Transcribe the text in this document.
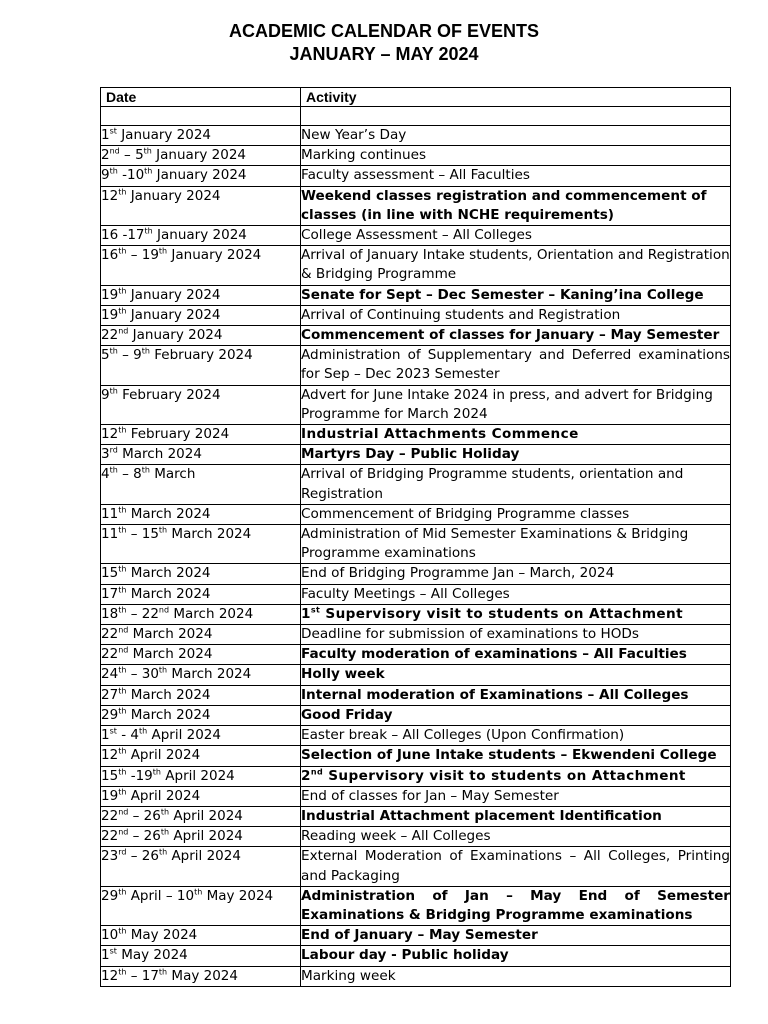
ACADEMIC CALENDAR OF EVENTS
JANUARY – MAY 2024
Date	Activity

1st January 2024	New Year’s Day
2nd – 5th January 2024	Marking continues
9th -10th January 2024	Faculty assessment – All Faculties
12th January 2024	Weekend classes registration and commencement of classes (in line with NCHE requirements)
16 -17th January 2024	College Assessment – All Colleges
16th – 19th January 2024	Arrival of January Intake students, Orientation and Registration & Bridging Programme
19th January 2024	Senate for Sept – Dec Semester – Kaning’ina College
19th January 2024	Arrival of Continuing students and Registration
22nd January 2024	Commencement of classes for January – May Semester
5th – 9th February 2024	Administration of Supplementary and Deferred examinations for Sep – Dec 2023 Semester
9th February 2024	Advert for June Intake 2024 in press, and advert for Bridging Programme for March 2024
12th February 2024	Industrial Attachments Commence
3rd March 2024	Martyrs Day – Public Holiday
4th – 8th March	Arrival of Bridging Programme students, orientation and Registration
11th March 2024	Commencement of Bridging Programme classes
11th – 15th March 2024	Administration of Mid Semester Examinations & Bridging Programme examinations
15th March 2024	End of Bridging Programme Jan – March, 2024
17th March 2024	Faculty Meetings – All Colleges
18th – 22nd March 2024	1st Supervisory visit to students on Attachment
22nd March 2024	Deadline for submission of examinations to HODs
22nd March 2024	Faculty moderation of examinations – All Faculties
24th – 30th March 2024	Holly week
27th March 2024	Internal moderation of Examinations – All Colleges
29th March 2024	Good Friday
1st - 4th April 2024	Easter break – All Colleges (Upon Confirmation)
12th April 2024	Selection of June Intake students – Ekwendeni College
15th -19th April 2024	2nd Supervisory visit to students on Attachment
19th April 2024	End of classes for Jan – May Semester
22nd – 26th April 2024	Industrial Attachment placement Identification
22nd – 26th April 2024	Reading week – All Colleges
23rd – 26th April 2024	External Moderation of Examinations – All Colleges, Printing and Packaging
29th April – 10th May 2024	Administration of Jan – May End of Semester Examinations & Bridging Programme examinations
10th May 2024	End of January – May Semester
1st May 2024	Labour day - Public holiday
12th – 17th May 2024	Marking week
